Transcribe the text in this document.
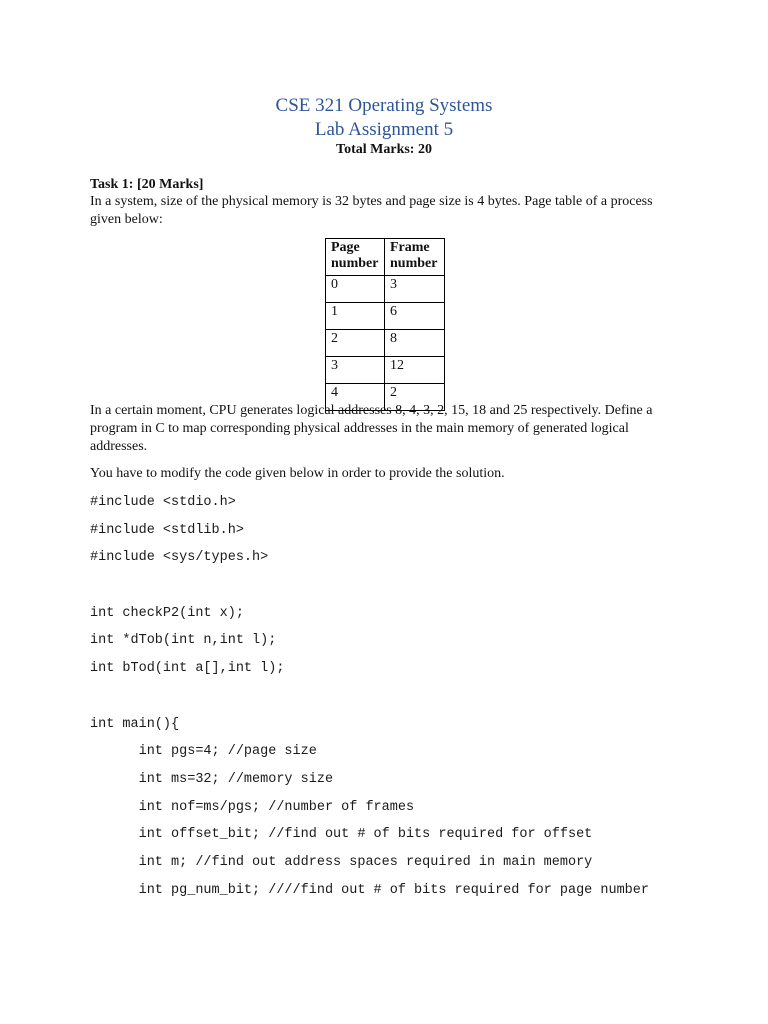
CSE 321 Operating Systems
Lab Assignment 5
Total Marks: 20
Task 1: [20 Marks]
In a system, size of the physical memory is 32 bytes and page size is 4 bytes. Page table of a process given below:
Page number	Frame number
0	3
1	6
2	8
3	12
4	2
In a certain moment, CPU generates logical addresses 8, 4, 3, 2, 15, 18 and 25 respectively. Define a program in C to map corresponding physical addresses in the main memory of generated logical addresses.
You have to modify the code given below in order to provide the solution.
#include <stdio.h>
#include <stdlib.h>
#include <sys/types.h>
int checkP2(int x);
int *dTob(int n,int l);
int bTod(int a[],int l);
int main(){
int pgs=4; //page size
int ms=32; //memory size
int nof=ms/pgs; //number of frames
int offset_bit; //find out # of bits required for offset
int m; //find out address spaces required in main memory
int pg_num_bit; ////find out # of bits required for page number
